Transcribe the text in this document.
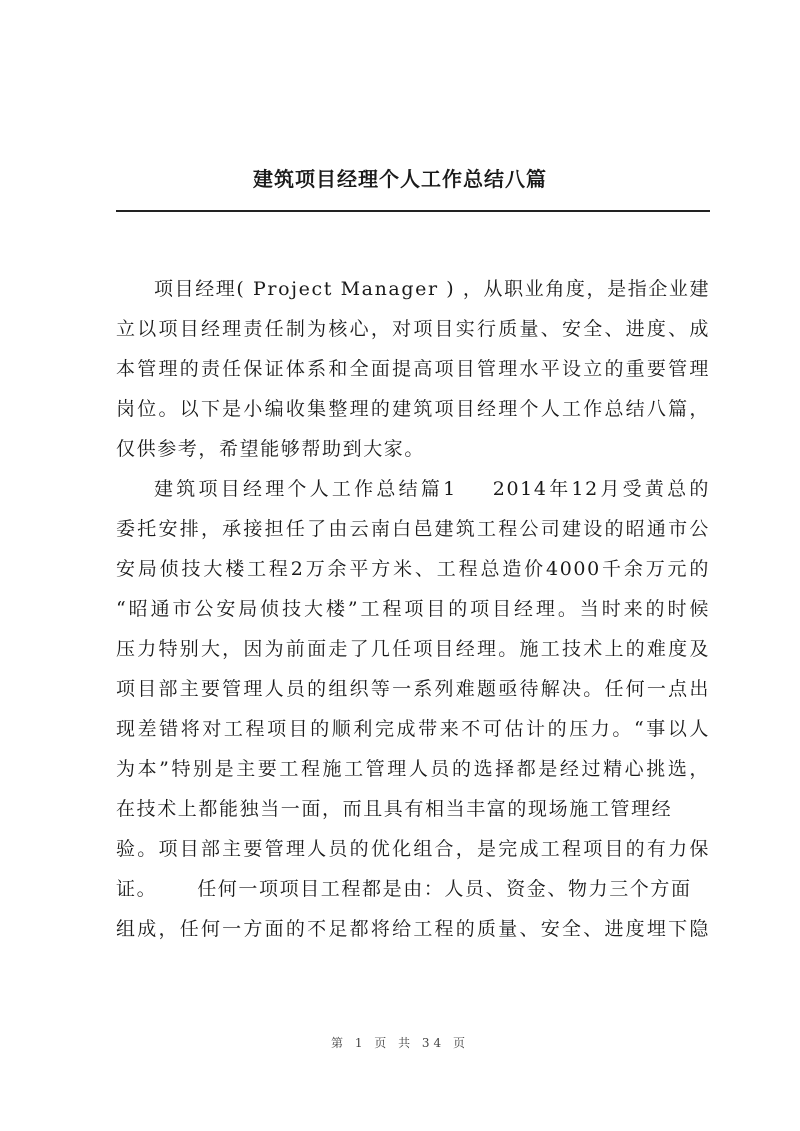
建筑项目经理个人工作总结八篇
项目经理( Project Manager ) ，从职业角度，是指企业建
立以项目经理责任制为核心，对项目实行质量、安全、进度、成
本管理的责任保证体系和全面提高项目管理水平设立的重要管理
岗位。以下是小编收集整理的建筑项目经理个人工作总结八篇，
仅供参考，希望能够帮助到大家。
建筑项目经理个人工作总结篇1 2014年12月受黄总的
委托安排，承接担任了由云南白邑建筑工程公司建设的昭通市公
安局侦技大楼工程2万余平方米、工程总造价4000千余万元的
“昭通市公安局侦技大楼”工程项目的项目经理。当时来的时候
压力特别大，因为前面走了几任项目经理。施工技术上的难度及
项目部主要管理人员的组织等一系列难题亟待解决。任何一点出
现差错将对工程项目的顺利完成带来不可估计的压力。“事以人
为本”特别是主要工程施工管理人员的选择都是经过精心挑选，
在技术上都能独当一面，而且具有相当丰富的现场施工管理经
验。项目部主要管理人员的优化组合，是完成工程项目的有力保
证。 任何一项项目工程都是由：人员、资金、物力三个方面
组成，任何一方面的不足都将给工程的质量、安全、进度埋下隐
第 1 页 共 34 页
